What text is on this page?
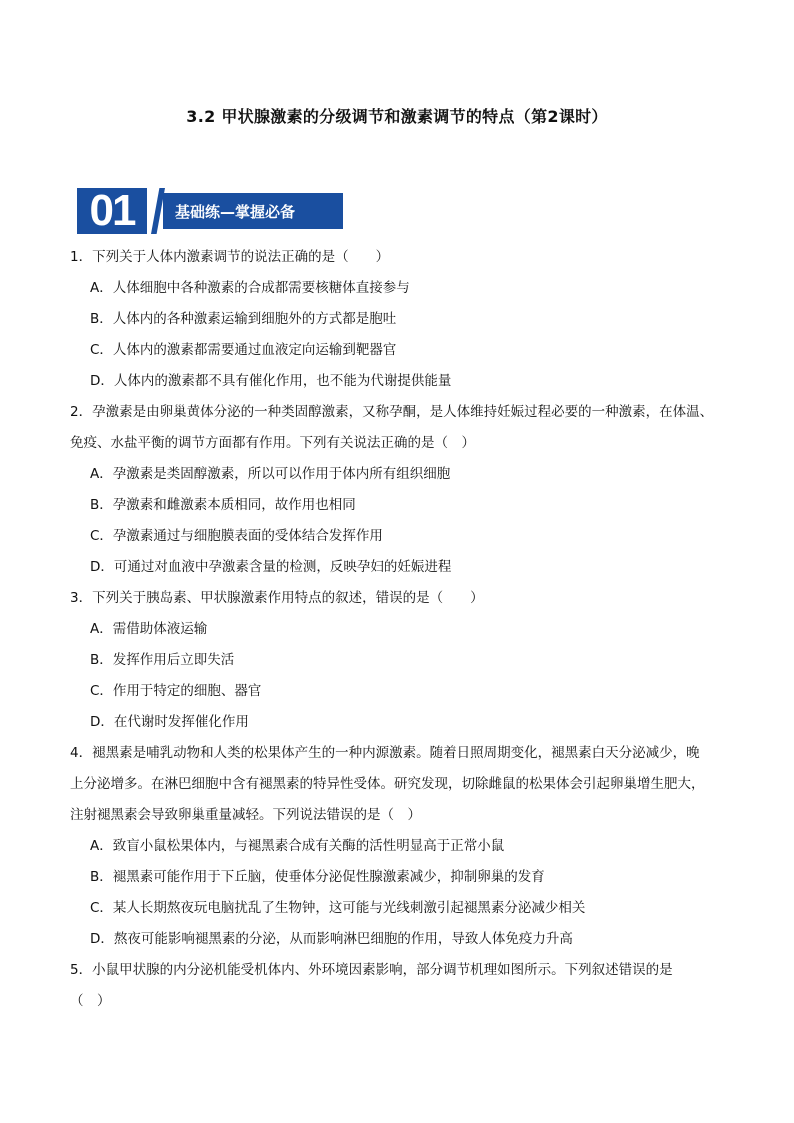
3.2 甲状腺激素的分级调节和激素调节的特点（第2课时）
01	基础练—掌握必备
1．下列关于人体内激素调节的说法正确的是（　　）
A．人体细胞中各种激素的合成都需要核糖体直接参与
B．人体内的各种激素运输到细胞外的方式都是胞吐
C．人体内的激素都需要通过血液定向运输到靶器官
D．人体内的激素都不具有催化作用，也不能为代谢提供能量
2．孕激素是由卵巢黄体分泌的一种类固醇激素，又称孕酮，是人体维持妊娠过程必要的一种激素，在体温、
免疫、水盐平衡的调节方面都有作用。下列有关说法正确的是（　）
A．孕激素是类固醇激素，所以可以作用于体内所有组织细胞
B．孕激素和雌激素本质相同，故作用也相同
C．孕激素通过与细胞膜表面的受体结合发挥作用
D．可通过对血液中孕激素含量的检测，反映孕妇的妊娠进程
3．下列关于胰岛素、甲状腺激素作用特点的叙述，错误的是（　　）
A．需借助体液运输
B．发挥作用后立即失活
C．作用于特定的细胞、器官
D．在代谢时发挥催化作用
4．褪黑素是哺乳动物和人类的松果体产生的一种内源激素。随着日照周期变化，褪黑素白天分泌减少，晚
上分泌增多。在淋巴细胞中含有褪黑素的特异性受体。研究发现，切除雌鼠的松果体会引起卵巢增生肥大，
注射褪黑素会导致卵巢重量减轻。下列说法错误的是（　）
A．致盲小鼠松果体内，与褪黑素合成有关酶的活性明显高于正常小鼠
B．褪黑素可能作用于下丘脑，使垂体分泌促性腺激素减少，抑制卵巢的发育
C．某人长期熬夜玩电脑扰乱了生物钟，这可能与光线刺激引起褪黑素分泌减少相关
D．熬夜可能影响褪黑素的分泌，从而影响淋巴细胞的作用，导致人体免疫力升高
5．小鼠甲状腺的内分泌机能受机体内、外环境因素影响，部分调节机理如图所示。下列叙述错误的是
（　）
